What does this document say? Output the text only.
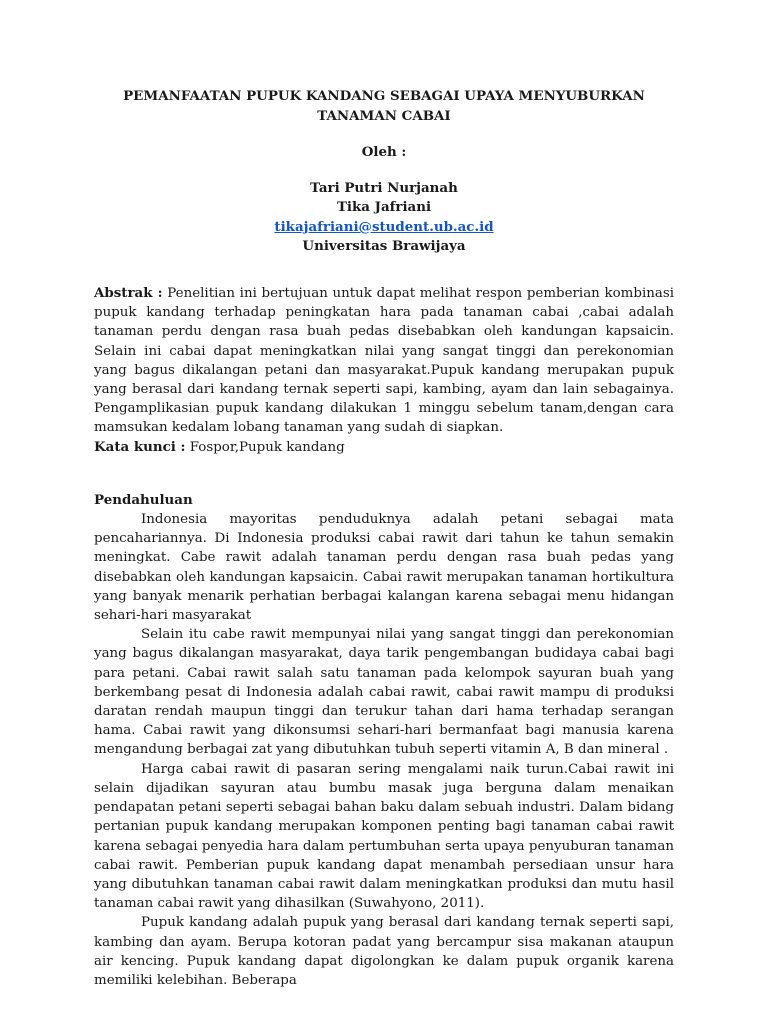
PEMANFAATAN PUPUK KANDANG SEBAGAI UPAYA MENYUBURKAN TANAMAN CABAI
Oleh :
Tari Putri Nurjanah
Tika Jafriani
tikajafriani@student.ub.ac.id
Universitas Brawijaya
Abstrak : Penelitian ini bertujuan untuk dapat melihat respon pemberian kombinasi pupuk kandang terhadap peningkatan hara pada tanaman cabai ,cabai adalah tanaman perdu dengan rasa buah pedas disebabkan oleh kandungan kapsaicin. Selain ini cabai dapat meningkatkan nilai yang sangat tinggi dan perekonomian yang bagus dikalangan petani dan masyarakat.Pupuk kandang merupakan pupuk yang berasal dari kandang ternak seperti sapi, kambing, ayam dan lain sebagainya. Pengamplikasian pupuk kandang dilakukan 1 minggu sebelum tanam,dengan cara mamsukan kedalam lobang tanaman yang sudah di siapkan.
Kata kunci : Fospor,Pupuk kandang
Pendahuluan

Indonesia mayoritas penduduknya adalah petani sebagai mata pencahariannya. Di Indonesia produksi cabai rawit dari tahun ke tahun semakin meningkat. Cabe rawit adalah tanaman perdu dengan rasa buah pedas yang disebabkan oleh kandungan kapsaicin. Cabai rawit merupakan tanaman hortikultura yang banyak menarik perhatian berbagai kalangan karena sebagai menu hidangan sehari-hari masyarakat

Selain itu cabe rawit mempunyai nilai yang sangat tinggi dan perekonomian yang bagus dikalangan masyarakat, daya tarik pengembangan budidaya cabai bagi para petani. Cabai rawit salah satu tanaman pada kelompok sayuran buah yang berkembang pesat di Indonesia adalah cabai rawit, cabai rawit mampu di produksi daratan rendah maupun tinggi dan terukur tahan dari hama terhadap serangan hama. Cabai rawit yang dikonsumsi sehari-hari bermanfaat bagi manusia karena mengandung berbagai zat yang dibutuhkan tubuh seperti vitamin A, B dan mineral .

Harga cabai rawit di pasaran sering mengalami naik turun.Cabai rawit ini selain dijadikan sayuran atau bumbu masak juga berguna dalam menaikan pendapatan petani seperti sebagai bahan baku dalam sebuah industri. Dalam bidang pertanian pupuk kandang merupakan komponen penting bagi tanaman cabai rawit karena sebagai penyedia hara dalam pertumbuhan serta upaya penyuburan tanaman cabai rawit. Pemberian pupuk kandang dapat menambah persediaan unsur hara yang dibutuhkan tanaman cabai rawit dalam meningkatkan produksi dan mutu hasil tanaman cabai rawit yang dihasilkan (Suwahyono, 2011).

Pupuk kandang adalah pupuk yang berasal dari kandang ternak seperti sapi, kambing dan ayam. Berupa kotoran padat yang bercampur sisa makanan ataupun air kencing. Pupuk kandang dapat digolongkan ke dalam pupuk organik karena memiliki kelebihan. Beberapa
